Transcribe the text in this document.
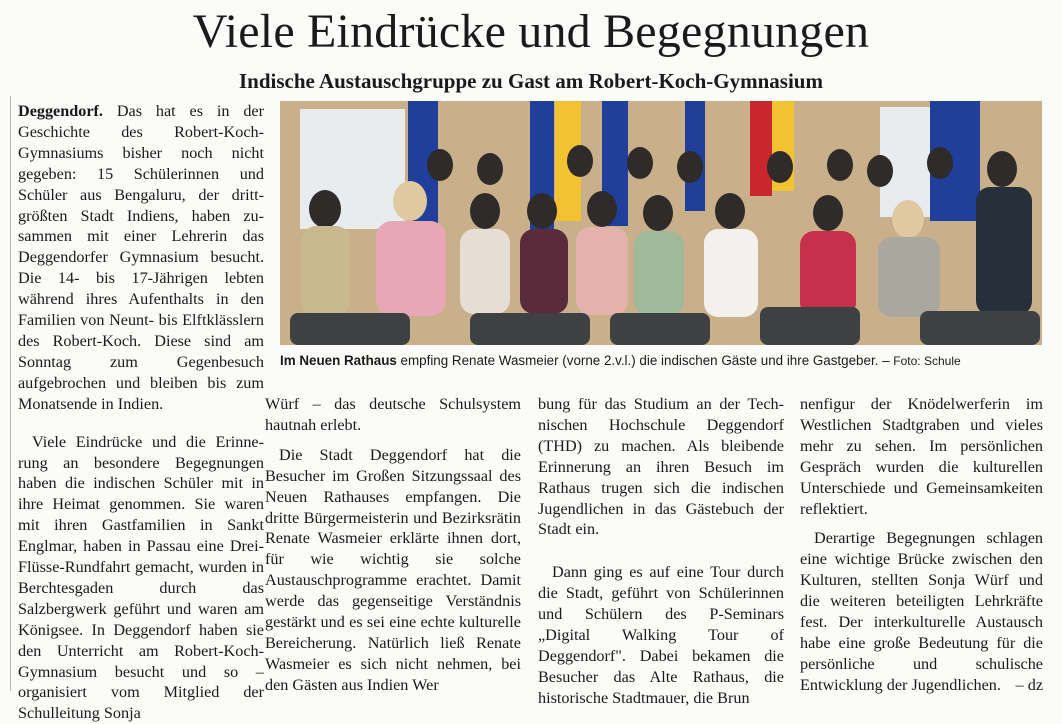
Viele Eindrücke und Begegnungen
Indische Austauschgruppe zu Gast am Robert-Koch-Gymnasium

Deggendorf. Das hat es in der Geschichte des Robert-Koch-Gymnasiums bisher noch nicht gegeben: 15 Schülerinnen und Schüler aus Bengaluru, der drittgrößten Stadt Indiens, haben zusammen mit einer Lehrerin das Deggendorfer Gymnasium besucht. Die 14- bis 17-Jährigen lebten während ihres Aufenthalts in den Familien von Neunt- bis Elftklässlern des Robert-Koch. Diese sind am Sonntag zum Gegenbesuch aufgebrochen und bleiben bis zum Monatsende in Indien.

Viele Eindrücke und die Erinnerung an besondere Begegnungen haben die indischen Schüler mit in ihre Heimat genommen. Sie waren mit ihren Gastfamilien in Sankt Englmar, haben in Passau eine Drei-Flüsse-Rundfahrt gemacht, wurden in Berchtesgaden durch das Salzbergwerk geführt und waren am Königsee. In Deggendorf haben sie den Unterricht am Robert-Koch-Gymnasium besucht und so – organisiert vom Mitglied der Schulleitung Sonja

Im Neuen Rathaus empfing Renate Wasmeier (vorne 2.v.l.) die indischen Gäste und ihre Gastgeber. – Foto: Schule

Würf – das deutsche Schulsystem hautnah erlebt.

Die Stadt Deggendorf hat die Besucher im Großen Sitzungssaal des Neuen Rathauses empfangen. Die dritte Bürgermeisterin und Bezirksrätin Renate Wasmeier erklärte ihnen dort, für wie wichtig sie solche Austauschprogramme erachtet. Damit werde das gegenseitige Verständnis gestärkt und es sei eine echte kulturelle Bereicherung. Natürlich ließ Renate Wasmeier es sich nicht nehmen, bei den Gästen aus Indien Wer

bung für das Studium an der Technischen Hochschule Deggendorf (THD) zu machen. Als bleibende Erinnerung an ihren Besuch im Rathaus trugen sich die indischen Jugendlichen in das Gästebuch der Stadt ein.

Dann ging es auf eine Tour durch die Stadt, geführt von Schülerinnen und Schülern des P-Seminars „Digital Walking Tour of Deggendorf". Dabei bekamen die Besucher das Alte Rathaus, die historische Stadtmauer, die Brun

nenfigur der Knödelwerferin im Westlichen Stadtgraben und vieles mehr zu sehen. Im persönlichen Gespräch wurden die kulturellen Unterschiede und Gemeinsamkeiten reflektiert.

Derartige Begegnungen schlagen eine wichtige Brücke zwischen den Kulturen, stellten Sonja Würf und die weiteren beteiligten Lehrkräfte fest. Der interkulturelle Austausch habe eine große Bedeutung für die persönliche und schulische Entwicklung der Jugendlichen. – dz
